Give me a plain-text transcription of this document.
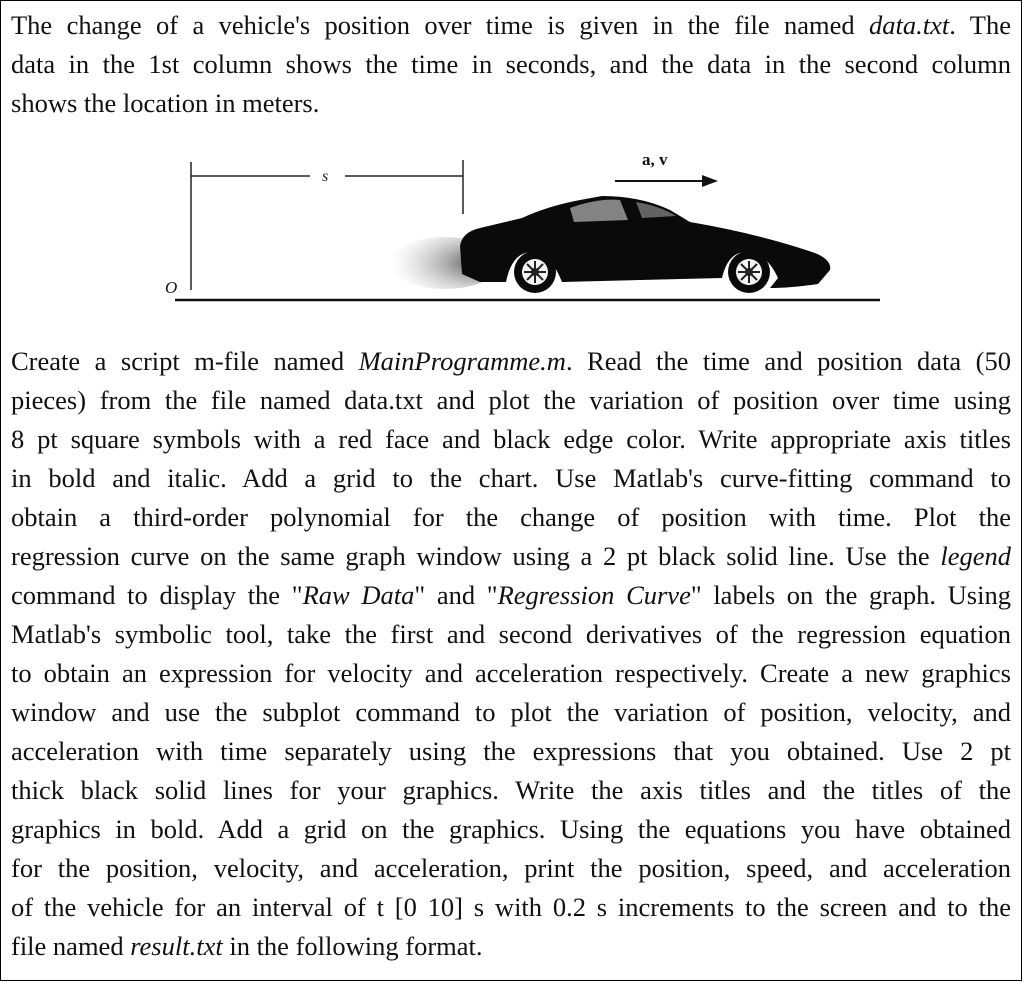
The change of a vehicle's position over time is given in the file named data.txt. The
data in the 1st column shows the time in seconds, and the data in the second column
shows the location in meters.

s
a, v
O

Create a script m-file named MainProgramme.m. Read the time and position data (50
pieces) from the file named data.txt and plot the variation of position over time using
8 pt square symbols with a red face and black edge color. Write appropriate axis titles
in bold and italic. Add a grid to the chart. Use Matlab's curve-fitting command to
obtain a third-order polynomial for the change of position with time. Plot the
regression curve on the same graph window using a 2 pt black solid line. Use the legend
command to display the "Raw Data" and "Regression Curve" labels on the graph. Using
Matlab's symbolic tool, take the first and second derivatives of the regression equation
to obtain an expression for velocity and acceleration respectively. Create a new graphics
window and use the subplot command to plot the variation of position, velocity, and
acceleration with time separately using the expressions that you obtained. Use 2 pt
thick black solid lines for your graphics. Write the axis titles and the titles of the
graphics in bold. Add a grid on the graphics. Using the equations you have obtained
for the position, velocity, and acceleration, print the position, speed, and acceleration
of the vehicle for an interval of t [0 10] s with 0.2 s increments to the screen and to the
file named result.txt in the following format.
